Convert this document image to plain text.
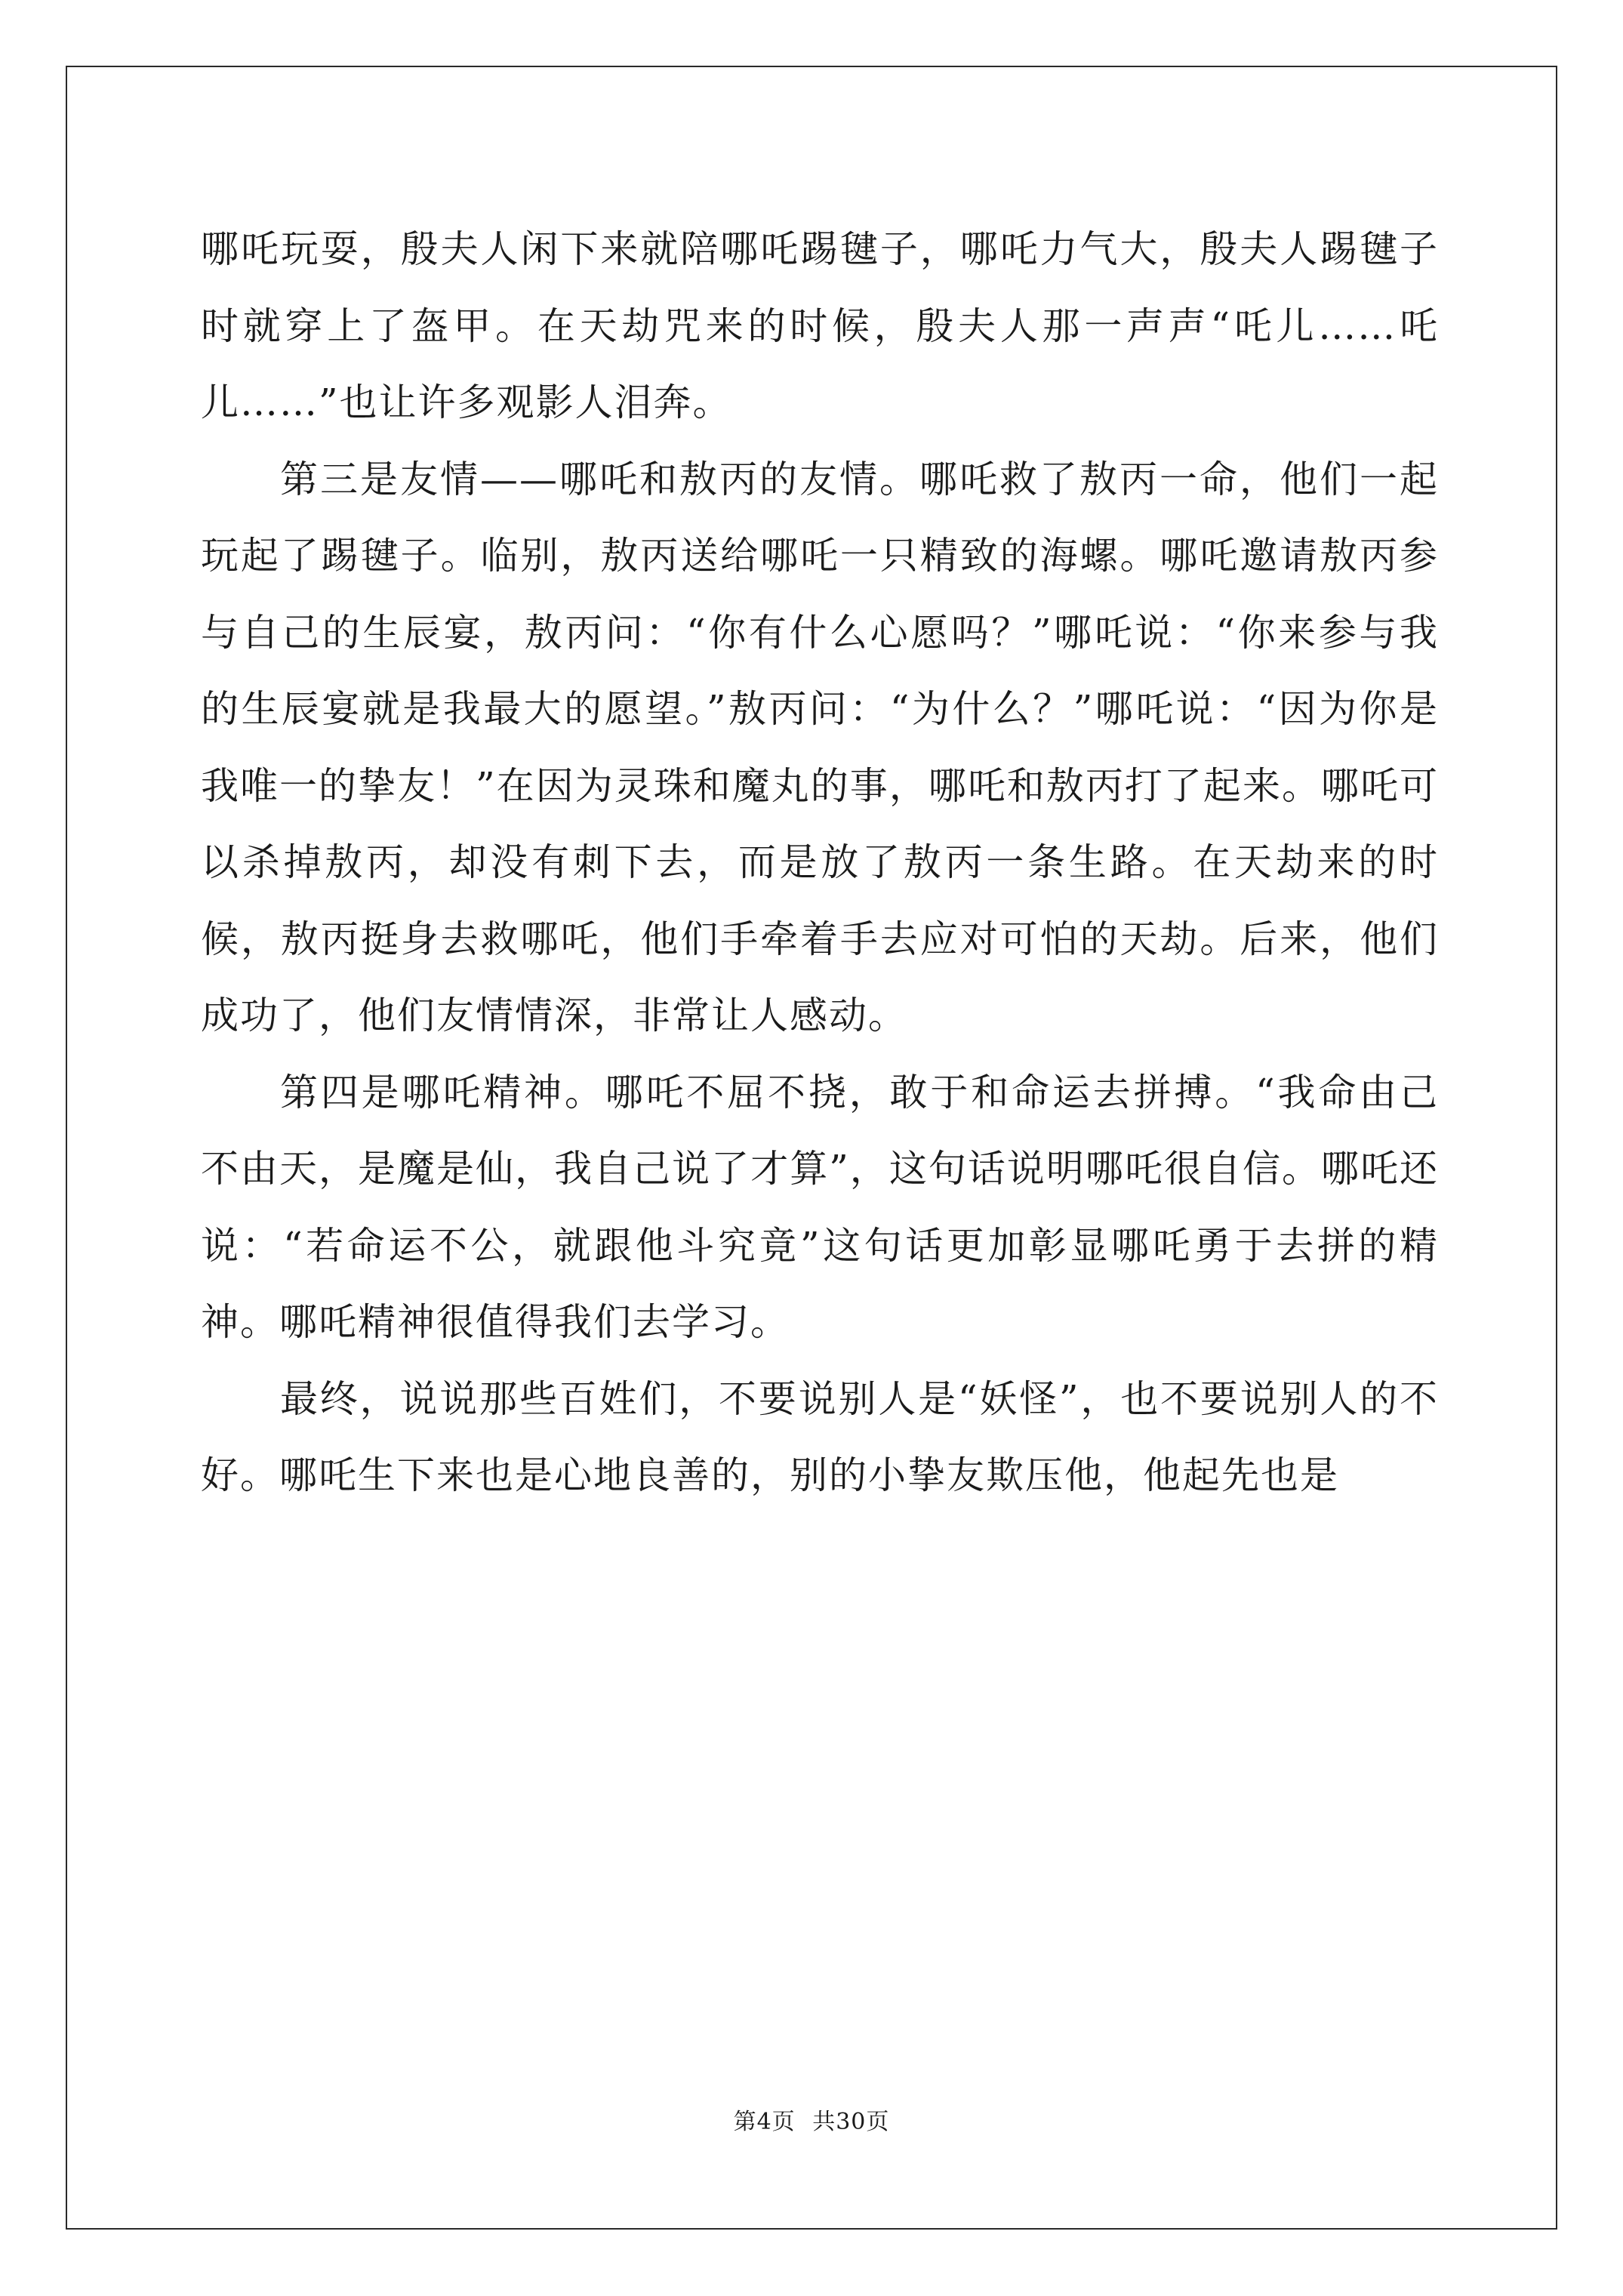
哪吒玩耍，殷夫人闲下来就陪哪吒踢毽子，哪吒力气大，殷夫人踢毽子时就穿上了盔甲。在天劫咒来的时候，殷夫人那一声声“吒儿……吒儿……”也让许多观影人泪奔。

第三是友情——哪吒和敖丙的友情。哪吒救了敖丙一命，他们一起玩起了踢毽子。临别，敖丙送给哪吒一只精致的海螺。哪吒邀请敖丙参与自己的生辰宴，敖丙问：“你有什么心愿吗？”哪吒说：“你来参与我的生辰宴就是我最大的愿望。”敖丙问：“为什么？”哪吒说：“因为你是我唯一的挚友！”在因为灵珠和魔丸的事，哪吒和敖丙打了起来。哪吒可以杀掉敖丙，却没有刺下去，而是放了敖丙一条生路。在天劫来的时候，敖丙挺身去救哪吒，他们手牵着手去应对可怕的天劫。后来，他们成功了，他们友情情深，非常让人感动。

第四是哪吒精神。哪吒不屈不挠，敢于和命运去拼搏。“我命由己不由天，是魔是仙，我自己说了才算”，这句话说明哪吒很自信。哪吒还说：“若命运不公，就跟他斗究竟”这句话更加彰显哪吒勇于去拼的精神。哪吒精神很值得我们去学习。

最终，说说那些百姓们，不要说别人是“妖怪”，也不要说别人的不好。哪吒生下来也是心地良善的，别的小挚友欺压他，他起先也是

第4页 共30页
